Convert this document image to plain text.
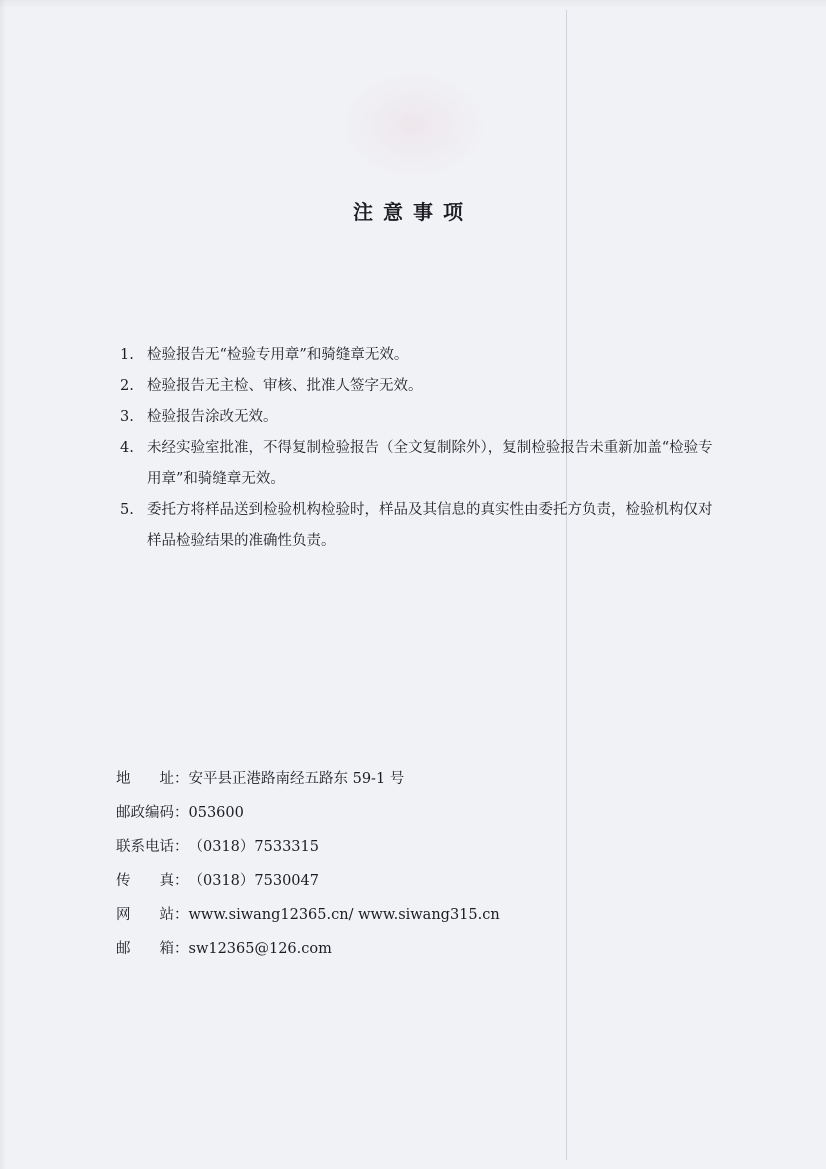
注意事项
1. 检验报告无“检验专用章”和骑缝章无效。
2. 检验报告无主检、审核、批准人签字无效。
3. 检验报告涂改无效。
4. 未经实验室批准，不得复制检验报告（全文复制除外），复制检验报告未重新加盖“检验专用章”和骑缝章无效。
5. 委托方将样品送到检验机构检验时，样品及其信息的真实性由委托方负责，检验机构仅对样品检验结果的准确性负责。
地　　址：安平县正港路南经五路东 59-1 号
邮政编码：053600
联系电话：（0318）7533315
传　　真：（0318）7530047
网　　站：www.siwang12365.cn/ www.siwang315.cn
邮　　箱：sw12365@126.com
